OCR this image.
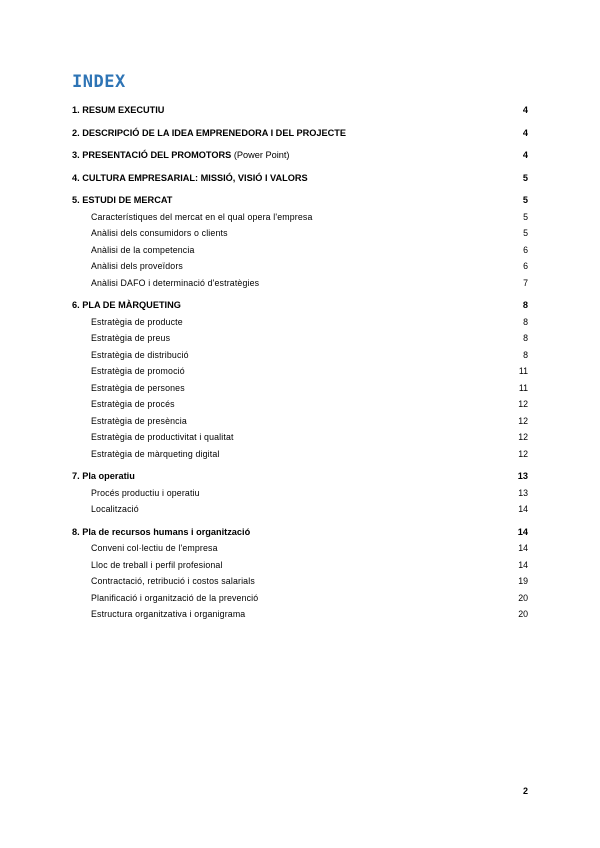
INDEX
1. RESUM EXECUTIU	4
2. DESCRIPCIÓ DE LA IDEA EMPRENEDORA I DEL PROJECTE	4
3. PRESENTACIÓ DEL PROMOTORS (Power Point)	4
4. CULTURA EMPRESARIAL: MISSIÓ, VISIÓ I VALORS	5
5. ESTUDI DE MERCAT	5
Característiques del mercat en el qual opera l'empresa	5
Anàlisi dels consumidors o clients	5
Anàlisi de la competencia	6
Anàlisi dels proveïdors	6
Anàlisi DAFO i determinació d'estratègies	7
6. PLA DE MÀRQUETING	8
Estratègia de producte	8
Estratègia de preus	8
Estratègia de distribució	8
Estratègia de promoció	11
Estratègia de persones	11
Estratègia de procés	12
Estratègia de presència	12
Estratègia de productivitat i qualitat	12
Estratègia de màrqueting digital	12
7. Pla operatiu	13
Procés productiu i operatiu	13
Localització	14
8. Pla de recursos humans i organització	14
Conveni col·lectiu de l'empresa	14
Lloc de treball i perfil profesional	14
Contractació, retribució i costos salarials	19
Planificació i organització de la prevenció	20
Estructura organitzativa i organigrama	20
2
